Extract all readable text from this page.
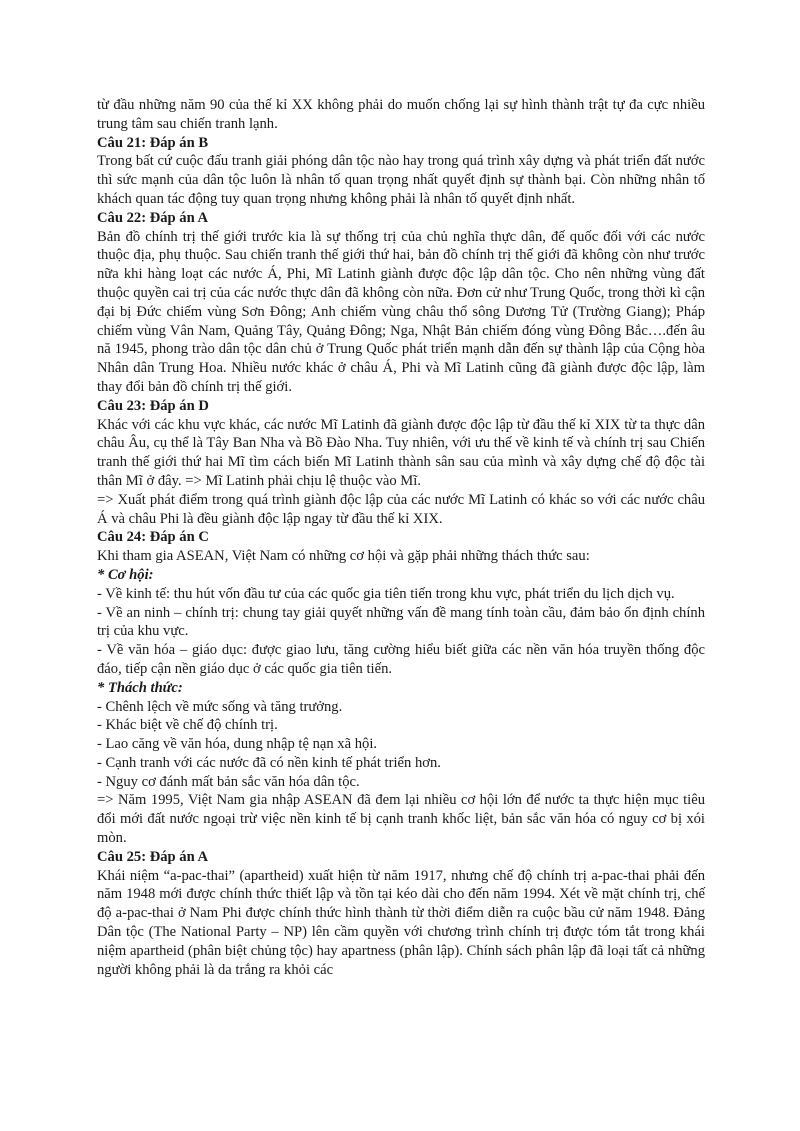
từ đầu những năm 90 của thế kỉ XX không phải do muốn chống lại sự hình thành trật tự đa cực nhiều trung tâm sau chiến tranh lạnh.

Câu 21: Đáp án B

Trong bất cứ cuộc đấu tranh giải phóng dân tộc nào hay trong quá trình xây dựng và phát triển đất nước thì sức mạnh của dân tộc luôn là nhân tố quan trọng nhất quyết định sự thành bại. Còn những nhân tố khách quan tác động tuy quan trọng nhưng không phải là nhân tố quyết định nhất.

Câu 22: Đáp án A

Bản đồ chính trị thế giới trước kia là sự thống trị của chủ nghĩa thực dân, đế quốc đối với các nước thuộc địa, phụ thuộc. Sau chiến tranh thế giới thứ hai, bản đồ chính trị thế giới đã không còn như trước nữa khi hàng loạt các nước Á, Phi, Mĩ Latinh giành được độc lập dân tộc. Cho nên những vùng đất thuộc quyền cai trị của các nước thực dân đã không còn nữa. Đơn cử như Trung Quốc, trong thời kì cận đại bị Đức chiếm vùng Sơn Đông; Anh chiếm vùng châu thổ sông Dương Tử (Trường Giang); Pháp chiếm vùng Vân Nam, Quảng Tây, Quảng Đông; Nga, Nhật Bản chiếm đóng vùng Đông Bắc….đến âu nă 1945, phong trào dân tộc dân chủ ở Trung Quốc phát triển mạnh dẫn đến sự thành lập của Cộng hòa Nhân dân Trung Hoa. Nhiều nước khác ở châu Á, Phi và Mĩ Latinh cũng đã giành được độc lập, làm thay đổi bản đồ chính trị thế giới.

Câu 23: Đáp án D

Khác với các khu vực khác, các nước Mĩ Latinh đã giành được độc lập từ đầu thế kỉ XIX từ ta thực dân châu Âu, cụ thể là Tây Ban Nha và Bồ Đào Nha. Tuy nhiên, với ưu thế về kinh tế và chính trị sau Chiến tranh thế giới thứ hai Mĩ tìm cách biến Mĩ Latinh thành sân sau của mình và xây dựng chế độ độc tài thân Mĩ ở đây. => Mĩ Latinh phải chịu lệ thuộc vào Mĩ.

=> Xuất phát điểm trong quá trình giành độc lập của các nước Mĩ Latinh có khác so với các nước châu Á và châu Phi là đều giành độc lập ngay từ đầu thế kỉ XIX.

Câu 24: Đáp án C

Khi tham gia ASEAN, Việt Nam có những cơ hội và gặp phải những thách thức sau:

* Cơ hội:

- Về kinh tế: thu hút vốn đầu tư của các quốc gia tiên tiến trong khu vực, phát triển du lịch dịch vụ.

- Về an ninh – chính trị: chung tay giải quyết những vấn đề mang tính toàn cầu, đảm bảo ổn định chính trị của khu vực.

- Về văn hóa – giáo dục: được giao lưu, tăng cường hiểu biết giữa các nền văn hóa truyền thống độc đáo, tiếp cận nền giáo dục ở các quốc gia tiên tiến.

* Thách thức:

- Chênh lệch về mức sống và tăng trưởng.

- Khác biệt về chế độ chính trị.

- Lao căng về văn hóa, dung nhập tệ nạn xã hội.

- Cạnh tranh với các nước đã có nền kinh tế phát triển hơn.

- Nguy cơ đánh mất bản sắc văn hóa dân tộc.

=> Năm 1995, Việt Nam gia nhập ASEAN đã đem lại nhiều cơ hội lớn để nước ta thực hiện mục tiêu đổi mới đất nước ngoại trừ việc nền kinh tế bị cạnh tranh khốc liệt, bản sắc văn hóa có nguy cơ bị xói mòn.

Câu 25: Đáp án A

Khái niệm “a-pac-thai” (apartheid) xuất hiện từ năm 1917, nhưng chế độ chính trị a-pac-thai phải đến năm 1948 mới được chính thức thiết lập và tồn tại kéo dài cho đến năm 1994. Xét về mặt chính trị, chế độ a-pac-thai ở Nam Phi được chính thức hình thành từ thời điểm diễn ra cuộc bầu cử năm 1948. Đảng Dân tộc (The National Party – NP) lên cầm quyền với chương trình chính trị được tóm tắt trong khái niệm apartheid (phân biệt chủng tộc) hay apartness (phân lập). Chính sách phân lập đã loại tất cả những người không phải là da trắng ra khỏi các
